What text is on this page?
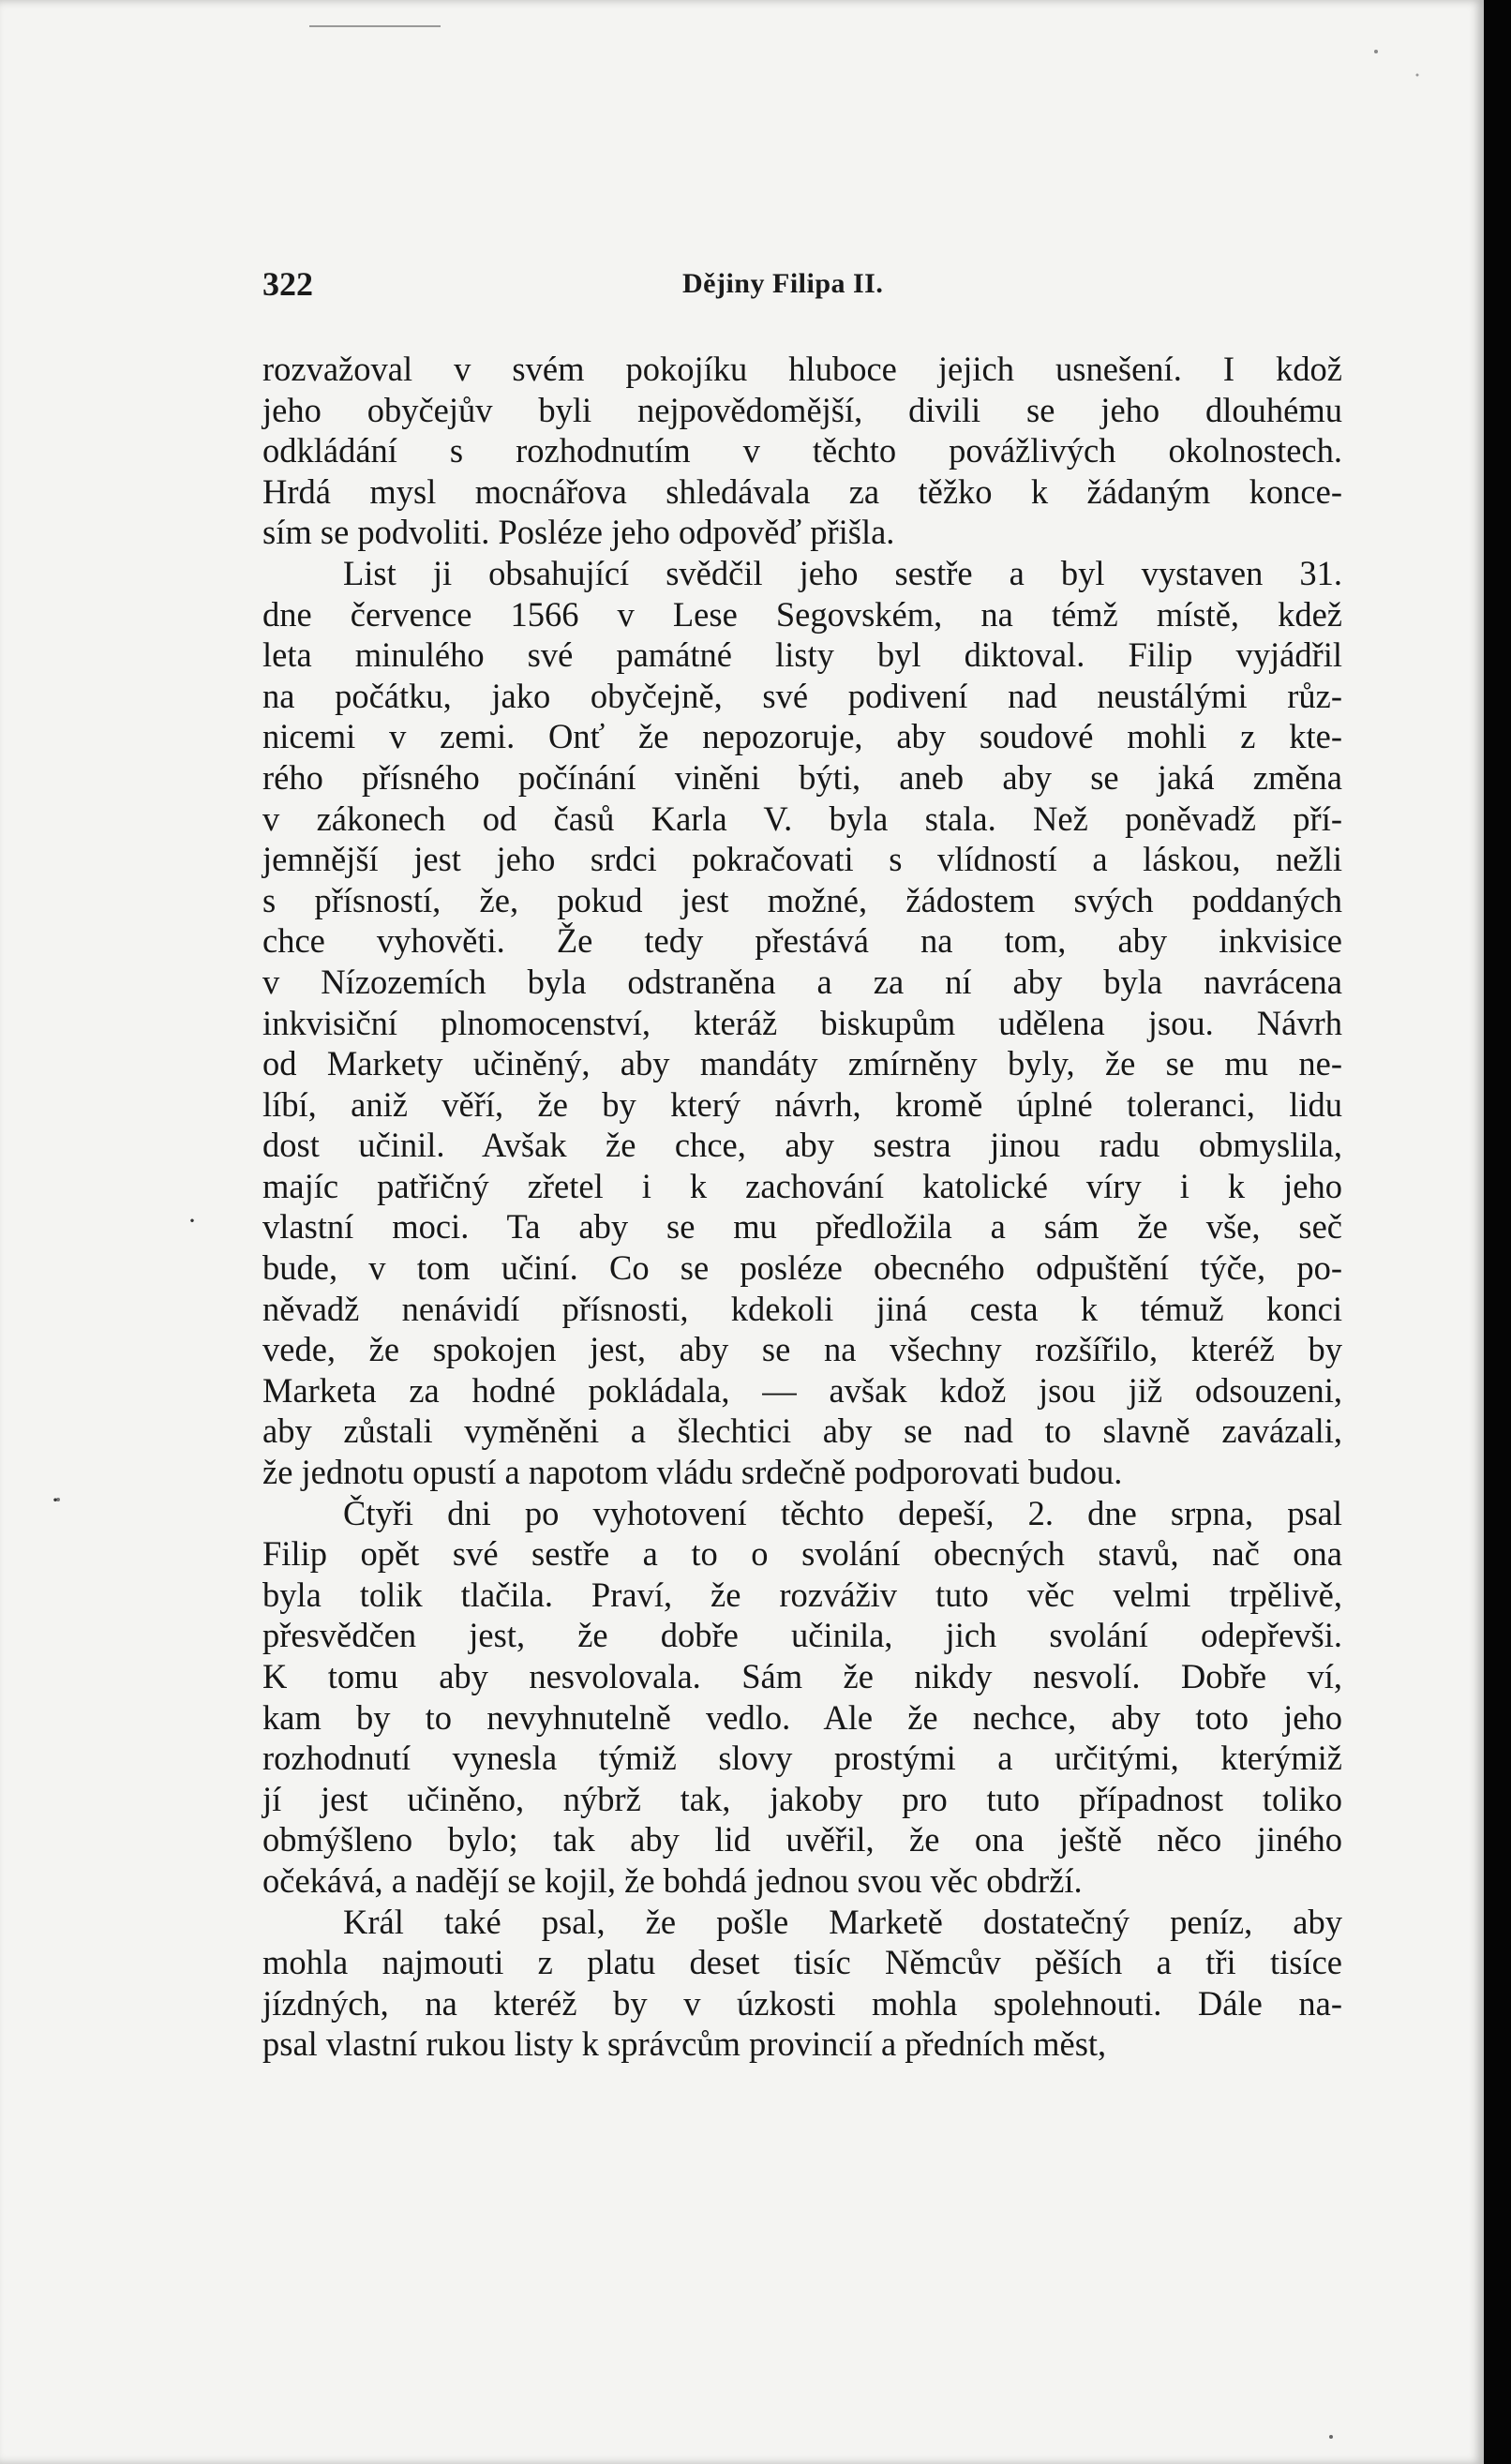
322	Dějiny Filipa II.
rozvažoval v svém pokojíku hluboce jejich usnešení. I kdož
jeho obyčejův byli nejpovědomější, divili se jeho dlouhému
odkládání s rozhodnutím v těchto povážlivých okolnostech.
Hrdá mysl mocnářova shledávala za těžko k žádaným konce-
sím se podvoliti. Posléze jeho odpověď přišla.
List ji obsahující svědčil jeho sestře a byl vystaven 31.
dne července 1566 v Lese Segovském, na témž místě, kdež
leta minulého své památné listy byl diktoval. Filip vyjádřil
na počátku, jako obyčejně, své podivení nad neustálými růz-
nicemi v zemi. Onť že nepozoruje, aby soudové mohli z kte-
rého přísného počínání viněni býti, aneb aby se jaká změna
v zákonech od časů Karla V. byla stala. Než poněvadž pří-
jemnější jest jeho srdci pokračovati s vlídností a láskou, nežli
s přísností, že, pokud jest možné, žádostem svých poddaných
chce vyhověti. Že tedy přestává na tom, aby inkvisice
v Nízozemích byla odstraněna a za ní aby byla navrácena
inkvisiční plnomocenství, kteráž biskupům udělena jsou. Návrh
od Markety učiněný, aby mandáty zmírněny byly, že se mu ne-
líbí, aniž věří, že by který návrh, kromě úplné toleranci, lidu
dost učinil. Avšak že chce, aby sestra jinou radu obmyslila,
majíc patřičný zřetel i k zachování katolické víry i k jeho
vlastní moci. Ta aby se mu předložila a sám že vše, seč
bude, v tom učiní. Co se posléze obecného odpuštění týče, po-
něvadž nenávidí přísnosti, kdekoli jiná cesta k témuž konci
vede, že spokojen jest, aby se na všechny rozšířilo, kteréž by
Marketa za hodné pokládala, — avšak kdož jsou již odsouzeni,
aby zůstali vyměněni a šlechtici aby se nad to slavně zavázali,
že jednotu opustí a napotom vládu srdečně podporovati budou.
Čtyři dni po vyhotovení těchto depeší, 2. dne srpna, psal
Filip opět své sestře a to o svolání obecných stavů, nač ona
byla tolik tlačila. Praví, že rozváživ tuto věc velmi trpělivě,
přesvědčen jest, že dobře učinila, jich svolání odepřevši.
K tomu aby nesvolovala. Sám že nikdy nesvolí. Dobře ví,
kam by to nevyhnutelně vedlo. Ale že nechce, aby toto jeho
rozhodnutí vynesla týmiž slovy prostými a určitými, kterýmiž
jí jest učiněno, nýbrž tak, jakoby pro tuto případnost toliko
obmýšleno bylo; tak aby lid uvěřil, že ona ještě něco jiného
očekává, a nadějí se kojil, že bohdá jednou svou věc obdrží.
Král také psal, že pošle Marketě dostatečný peníz, aby
mohla najmouti z platu deset tisíc Němcův pěších a tři tisíce
jízdných, na kteréž by v úzkosti mohla spolehnouti. Dále na-
psal vlastní rukou listy k správcům provincií a předních měst,
·
·
